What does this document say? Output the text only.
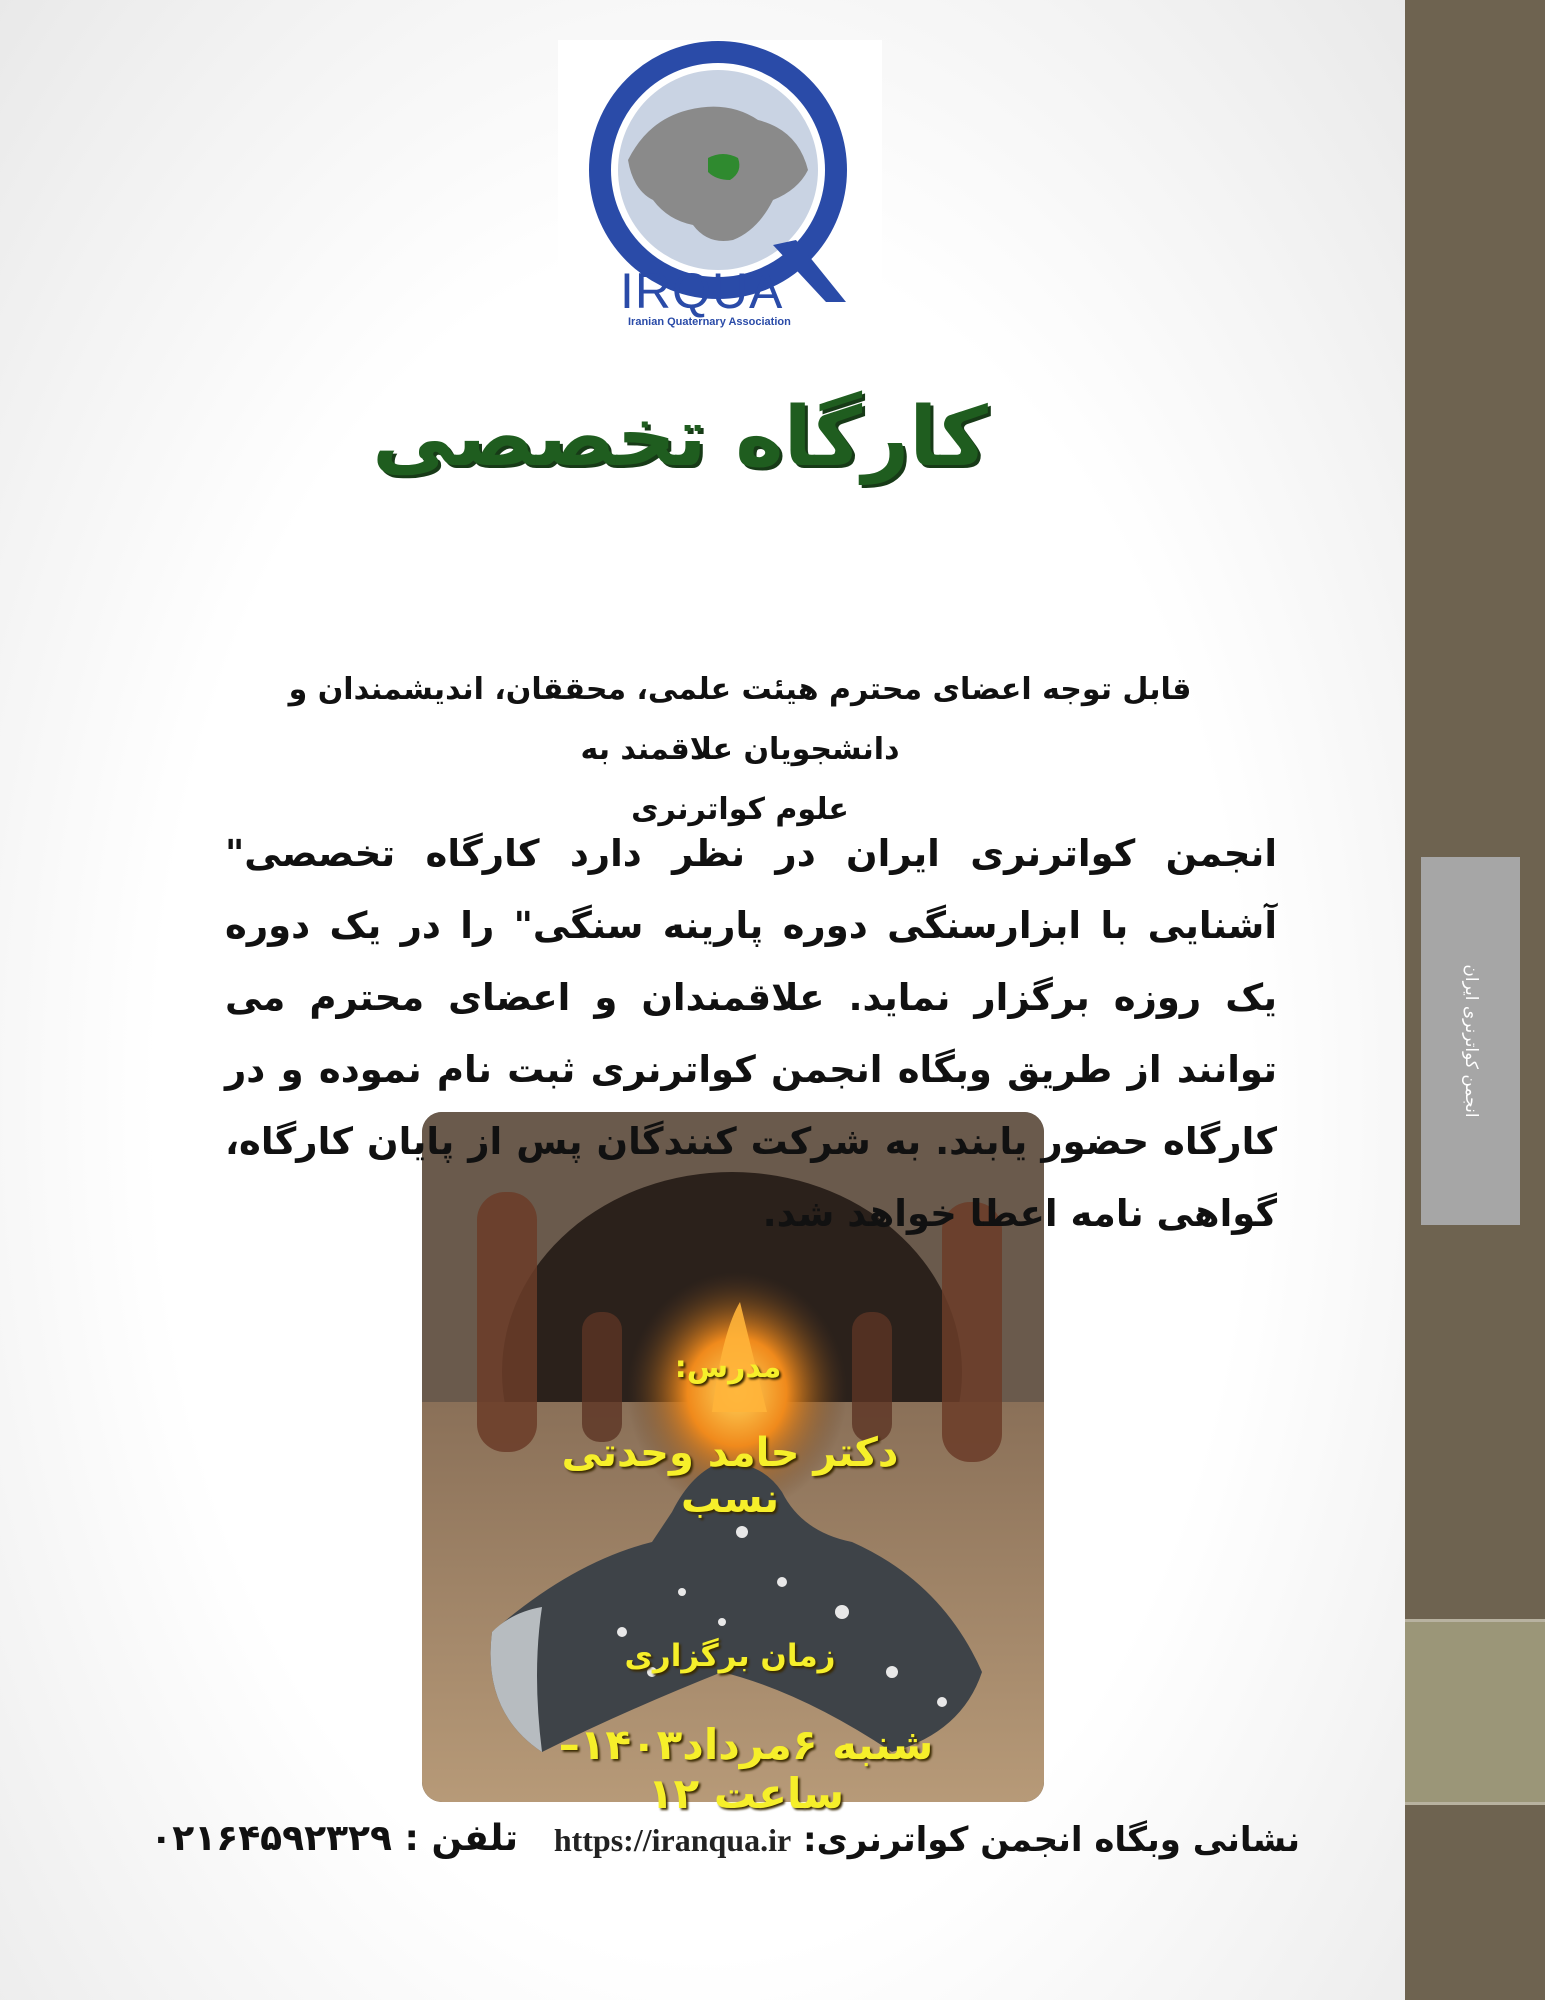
انجمن کواترنری ایران
IRQUA
Iranian Quaternary Association
کارگاه تخصصی
قابل توجه اعضای محترم هیئت علمی، محققان، اندیشمندان و دانشجویان علاقمند به
علوم کواترنری
انجمن کواترنری ایران در نظر دارد کارگاه تخصصی" آشنایی با ابزارسنگی دوره پارینه سنگی" را در یک دوره یک روزه برگزار نماید. علاقمندان و اعضای محترم می توانند از طریق وبگاه انجمن کواترنری ثبت نام نموده و در کارگاه حضور یابند. به شرکت کنندگان پس از پایان کارگاه، گواهی نامه اعطا خواهد شد.
مدرس:
دکتر حامد وحدتی نسب
زمان برگزاری
شنبه ۶مرداد۱۴۰۳– ساعت ۱۲
نشانی وبگاه انجمن کواترنری: https://iranqua.ir
تلفن : ۰۲۱۶۴۵۹۲۳۲۹
